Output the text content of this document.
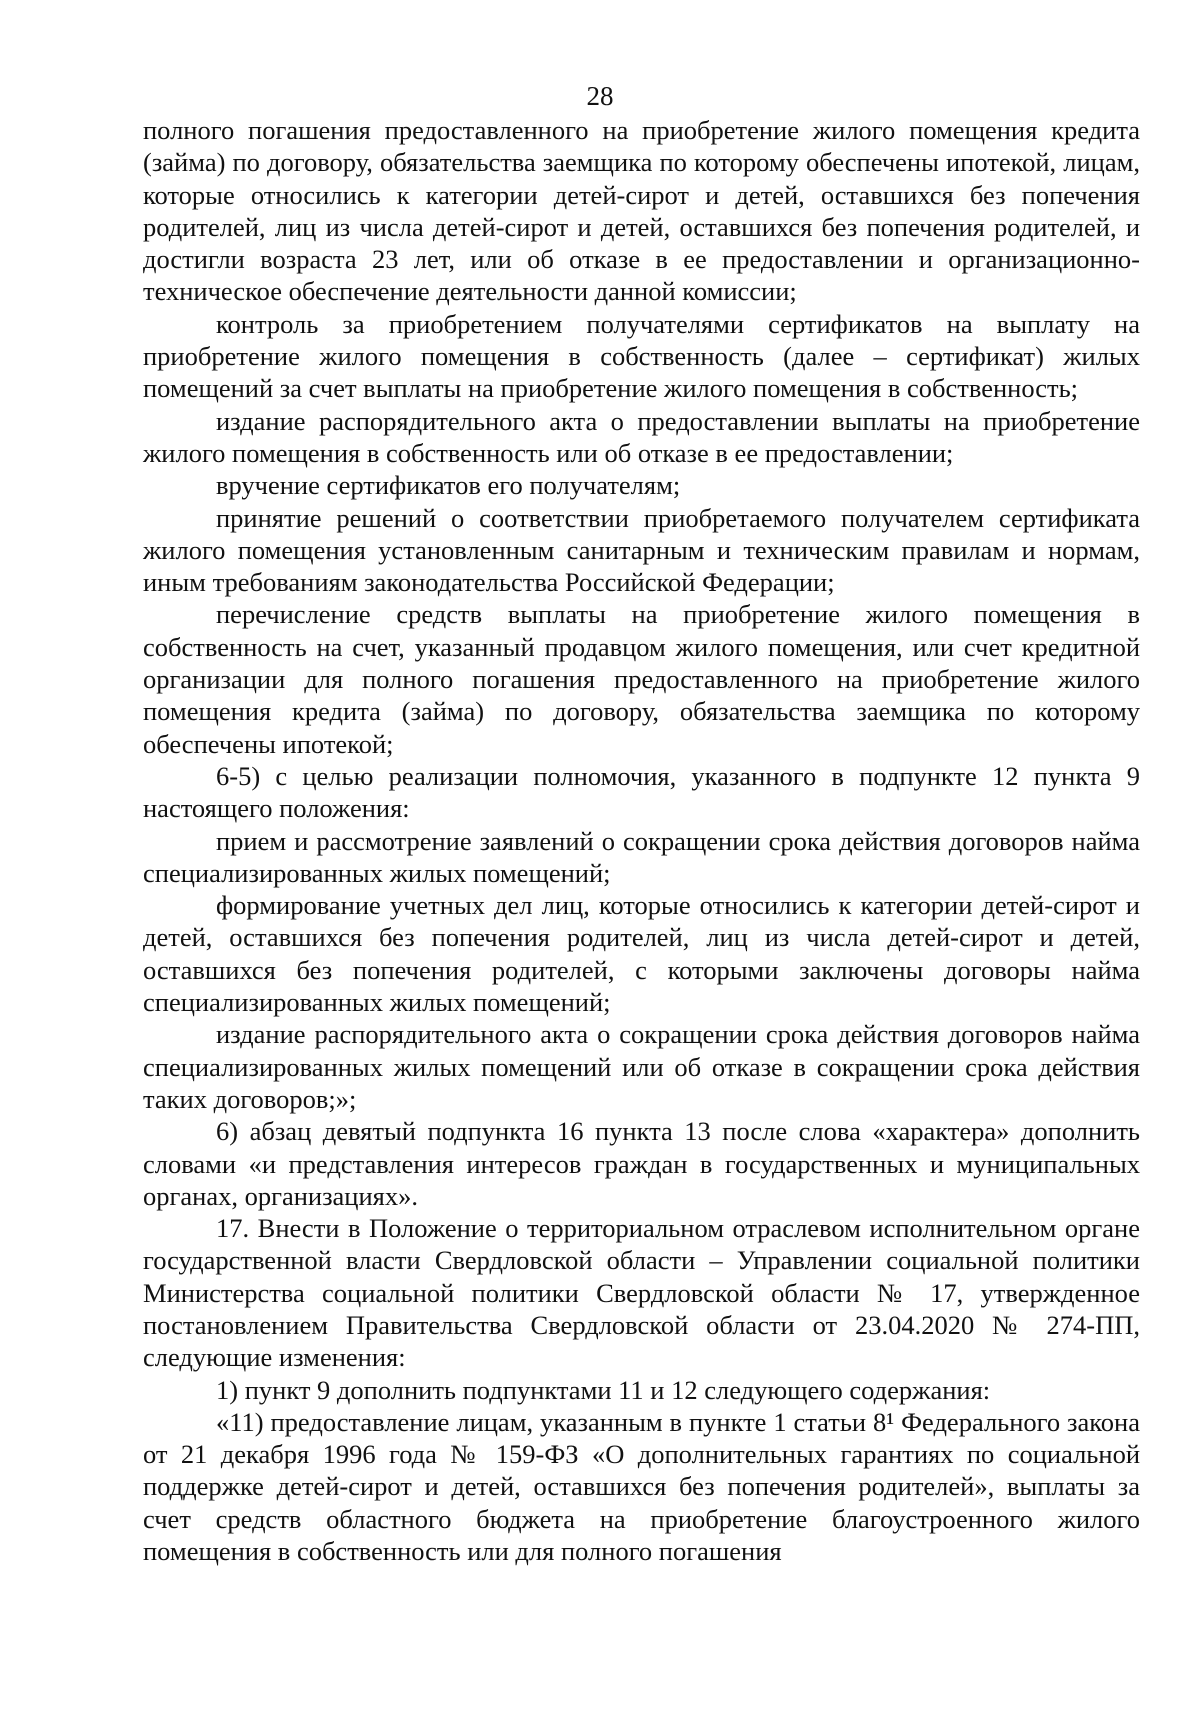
28

полного погашения предоставленного на приобретение жилого помещения кредита (займа) по договору, обязательства заемщика по которому обеспечены ипотекой, лицам, которые относились к категории детей-сирот и детей, оставшихся без попечения родителей, лиц из числа детей-сирот и детей, оставшихся без попечения родителей, и достигли возраста 23 лет, или об отказе в ее предоставлении и организационно-техническое обеспечение деятельности данной комиссии;

контроль за приобретением получателями сертификатов на выплату на приобретение жилого помещения в собственность (далее – сертификат) жилых помещений за счет выплаты на приобретение жилого помещения в собственность;

издание распорядительного акта о предоставлении выплаты на приобретение жилого помещения в собственность или об отказе в ее предоставлении;

вручение сертификатов его получателям;

принятие решений о соответствии приобретаемого получателем сертификата жилого помещения установленным санитарным и техническим правилам и нормам, иным требованиям законодательства Российской Федерации;

перечисление средств выплаты на приобретение жилого помещения в собственность на счет, указанный продавцом жилого помещения, или счет кредитной организации для полного погашения предоставленного на приобретение жилого помещения кредита (займа) по договору, обязательства заемщика по которому обеспечены ипотекой;

6-5) с целью реализации полномочия, указанного в подпункте 12 пункта 9 настоящего положения:

прием и рассмотрение заявлений о сокращении срока действия договоров найма специализированных жилых помещений;

формирование учетных дел лиц, которые относились к категории детей-сирот и детей, оставшихся без попечения родителей, лиц из числа детей-сирот и детей, оставшихся без попечения родителей, с которыми заключены договоры найма специализированных жилых помещений;

издание распорядительного акта о сокращении срока действия договоров найма специализированных жилых помещений или об отказе в сокращении срока действия таких договоров;»;

6) абзац девятый подпункта 16 пункта 13 после слова «характера» дополнить словами «и представления интересов граждан в государственных и муниципальных органах, организациях».

17. Внести в Положение о территориальном отраслевом исполнительном органе государственной власти Свердловской области – Управлении социальной политики Министерства социальной политики Свердловской области № 17, утвержденное постановлением Правительства Свердловской области от 23.04.2020 № 274-ПП, следующие изменения:

1) пункт 9 дополнить подпунктами 11 и 12 следующего содержания:

«11) предоставление лицам, указанным в пункте 1 статьи 8¹ Федерального закона от 21 декабря 1996 года № 159-ФЗ «О дополнительных гарантиях по социальной поддержке детей-сирот и детей, оставшихся без попечения родителей», выплаты за счет средств областного бюджета на приобретение благоустроенного жилого помещения в собственность или для полного погашения
